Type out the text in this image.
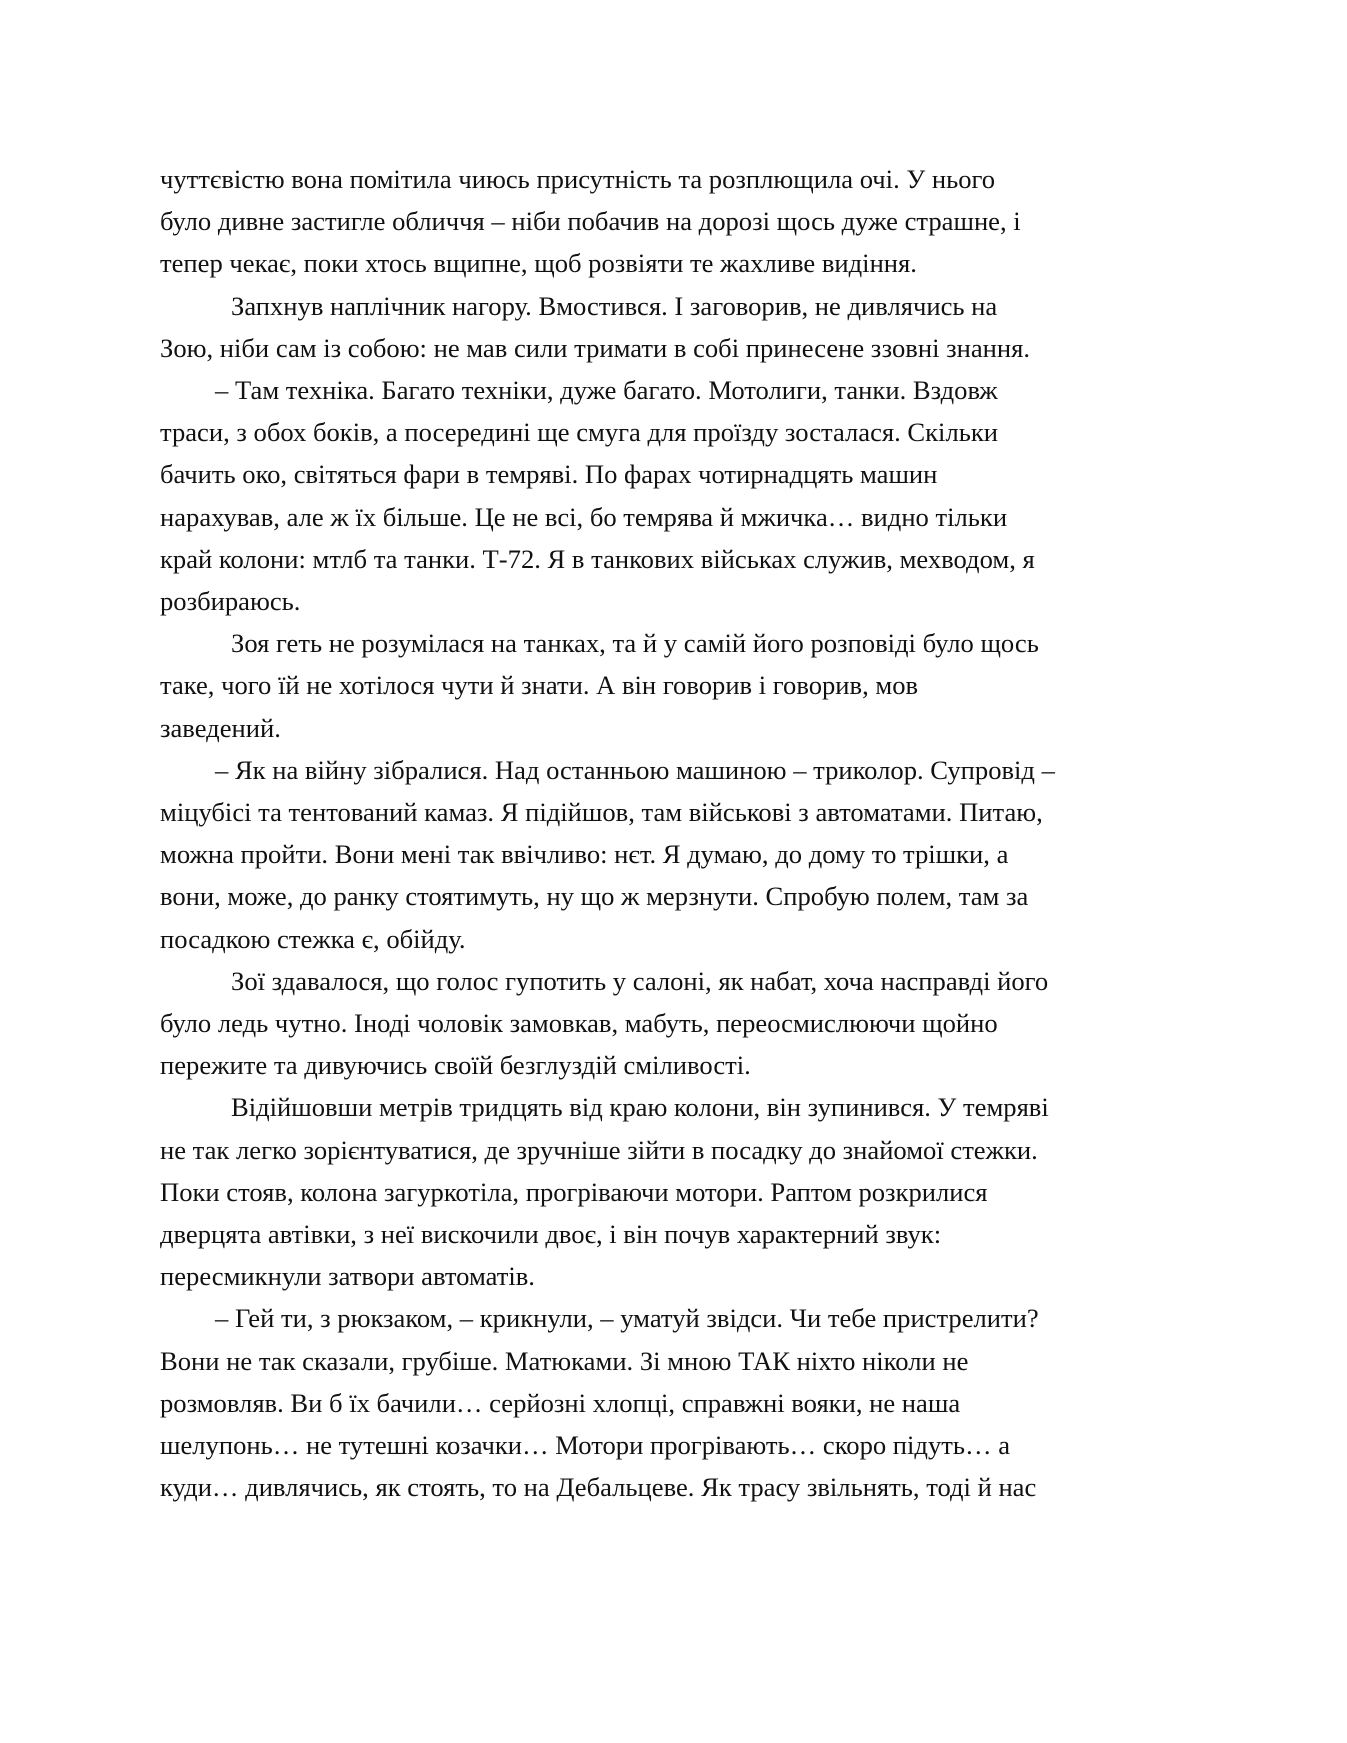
чуттєвістю вона помітила чиюсь присутність та розплющила очі. У нього
було дивне застигле обличчя – ніби побачив на дорозі щось дуже страшне, і
тепер чекає, поки хтось вщипне, щоб розвіяти те жахливе видіння.
Запхнув наплічник нагору. Вмостився. І заговорив, не дивлячись на
Зою, ніби сам із собою: не мав сили тримати в собі принесене ззовні знання.
– Там техніка. Багато техніки, дуже багато. Мотолиги, танки. Вздовж
траси, з обох боків, а посередині ще смуга для проїзду зосталася. Скільки
бачить око, світяться фари в темряві. По фарах чотирнадцять машин
нарахував, але ж їх більше. Це не всі, бо темрява й мжичка… видно тільки
край колони: мтлб та танки. Т-72. Я в танкових військах служив, мехводом, я
розбираюсь.
Зоя геть не розумілася на танках, та й у самій його розповіді було щось
таке, чого їй не хотілося чути й знати. А він говорив і говорив, мов
заведений.
– Як на війну зібралися. Над останньою машиною – триколор. Супровід –
міцубісі та тентований камаз. Я підійшов, там військові з автоматами. Питаю,
можна пройти. Вони мені так ввічливо: нєт. Я думаю, до дому то трішки, а
вони, може, до ранку стоятимуть, ну що ж мерзнути. Спробую полем, там за
посадкою стежка є, обійду.
Зої здавалося, що голос гупотить у салоні, як набат, хоча насправді його
було ледь чутно. Іноді чоловік замовкав, мабуть, переосмислюючи щойно
пережите та дивуючись своїй безглуздій сміливості.
Відійшовши метрів тридцять від краю колони, він зупинився. У темряві
не так легко зорієнтуватися, де зручніше зійти в посадку до знайомої стежки.
Поки стояв, колона загуркотіла, прогріваючи мотори. Раптом розкрилися
дверцята автівки, з неї вискочили двоє, і він почув характерний звук:
пересмикнули затвори автоматів.
– Гей ти, з рюкзаком, – крикнули, – уматуй звідси. Чи тебе пристрелити?
Вони не так сказали, грубіше. Матюками. Зі мною ТАК ніхто ніколи не
розмовляв. Ви б їх бачили… серйозні хлопці, справжні вояки, не наша
шелупонь… не тутешні козачки… Мотори прогрівають… скоро підуть… а
куди… дивлячись, як стоять, то на Дебальцеве. Як трасу звільнять, тоді й нас
